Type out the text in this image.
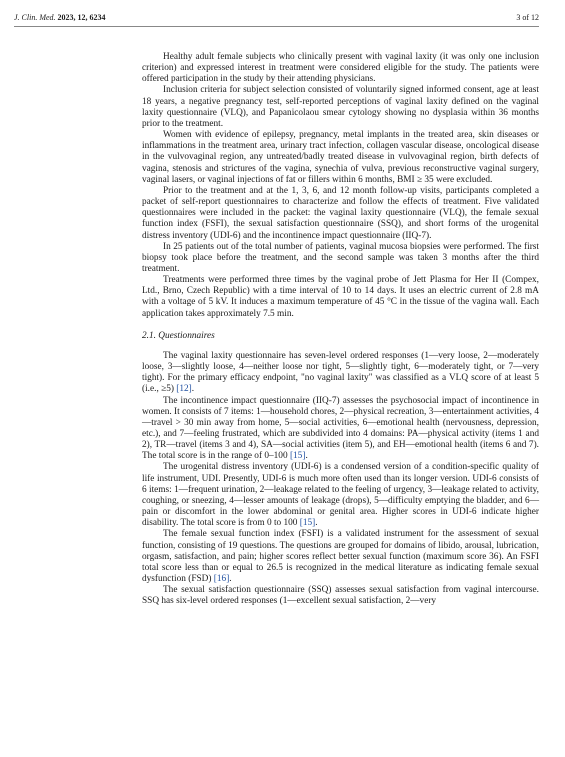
J. Clin. Med. 2023, 12, 6234	3 of 12

Healthy adult female subjects who clinically present with vaginal laxity (it was only one inclusion criterion) and expressed interest in treatment were considered eligible for the study. The patients were offered participation in the study by their attending physicians.

Inclusion criteria for subject selection consisted of voluntarily signed informed consent, age at least 18 years, a negative pregnancy test, self-reported perceptions of vaginal laxity defined on the vaginal laxity questionnaire (VLQ), and Papanicolaou smear cytology showing no dysplasia within 36 months prior to the treatment.

Women with evidence of epilepsy, pregnancy, metal implants in the treated area, skin diseases or inflammations in the treatment area, urinary tract infection, collagen vascular disease, oncological disease in the vulvovaginal region, any untreated/badly treated disease in vulvovaginal region, birth defects of vagina, stenosis and strictures of the vagina, synechia of vulva, previous reconstructive vaginal surgery, vaginal lasers, or vaginal injections of fat or fillers within 6 months, BMI ≥ 35 were excluded.

Prior to the treatment and at the 1, 3, 6, and 12 month follow-up visits, participants completed a packet of self-report questionnaires to characterize and follow the effects of treatment. Five validated questionnaires were included in the packet: the vaginal laxity questionnaire (VLQ), the female sexual function index (FSFI), the sexual satisfaction questionnaire (SSQ), and short forms of the urogenital distress inventory (UDI-6) and the incontinence impact questionnaire (IIQ-7).

In 25 patients out of the total number of patients, vaginal mucosa biopsies were performed. The first biopsy took place before the treatment, and the second sample was taken 3 months after the third treatment.

Treatments were performed three times by the vaginal probe of Jett Plasma for Her II (Compex, Ltd., Brno, Czech Republic) with a time interval of 10 to 14 days. It uses an electric current of 2.8 mA with a voltage of 5 kV. It induces a maximum temperature of 45 °C in the tissue of the vagina wall. Each application takes approximately 7.5 min.

2.1. Questionnaires

The vaginal laxity questionnaire has seven-level ordered responses (1—very loose, 2—moderately loose, 3—slightly loose, 4—neither loose nor tight, 5—slightly tight, 6—moderately tight, or 7—very tight). For the primary efficacy endpoint, "no vaginal laxity" was classified as a VLQ score of at least 5 (i.e., ≥5) [12].

The incontinence impact questionnaire (IIQ-7) assesses the psychosocial impact of incontinence in women. It consists of 7 items: 1—household chores, 2—physical recreation, 3—entertainment activities, 4—travel > 30 min away from home, 5—social activities, 6—emotional health (nervousness, depression, etc.), and 7—feeling frustrated, which are subdivided into 4 domains: PA—physical activity (items 1 and 2), TR—travel (items 3 and 4), SA—social activities (item 5), and EH—emotional health (items 6 and 7). The total score is in the range of 0–100 [15].

The urogenital distress inventory (UDI-6) is a condensed version of a condition-specific quality of life instrument, UDI. Presently, UDI-6 is much more often used than its longer version. UDI-6 consists of 6 items: 1—frequent urination, 2—leakage related to the feeling of urgency, 3—leakage related to activity, coughing, or sneezing, 4—lesser amounts of leakage (drops), 5—difficulty emptying the bladder, and 6—pain or discomfort in the lower abdominal or genital area. Higher scores in UDI-6 indicate higher disability. The total score is from 0 to 100 [15].

The female sexual function index (FSFI) is a validated instrument for the assessment of sexual function, consisting of 19 questions. The questions are grouped for domains of libido, arousal, lubrication, orgasm, satisfaction, and pain; higher scores reflect better sexual function (maximum score 36). An FSFI total score less than or equal to 26.5 is recognized in the medical literature as indicating female sexual dysfunction (FSD) [16].

The sexual satisfaction questionnaire (SSQ) assesses sexual satisfaction from vaginal intercourse. SSQ has six-level ordered responses (1—excellent sexual satisfaction, 2—very
